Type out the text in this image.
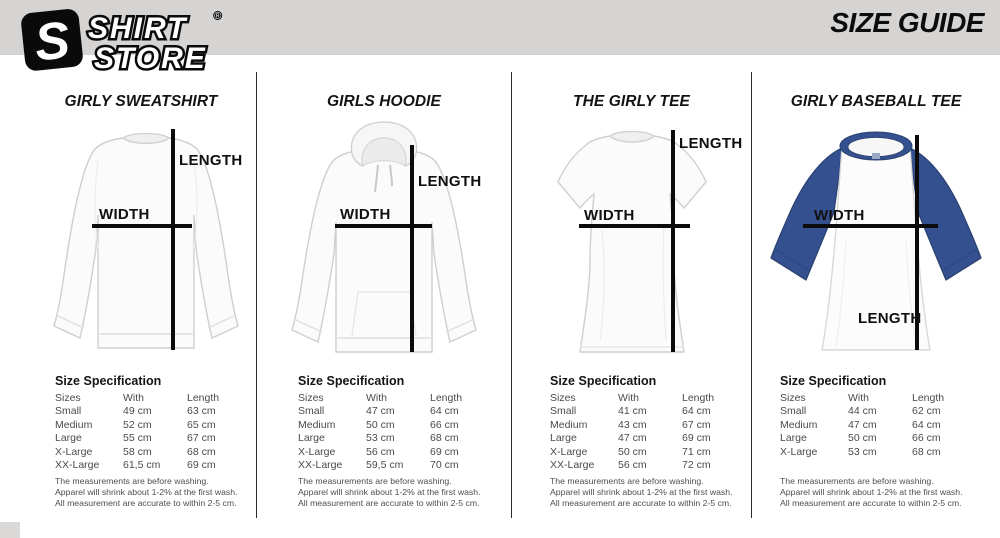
S SHIRT
STORE
®	SIZE GUIDE
GIRLY SWEATSHIRT
LENGTH
WIDTH
Size Specification
Sizes	With	Length
Small	49 cm	63 cm
Medium	52 cm	65 cm
Large	55 cm	67 cm
X-Large	58 cm	68 cm
XX-Large	61,5 cm	69 cm
The measurements are before washing.
Apparel will shrink about 1-2% at the first wash.
All measurement are accurate to within 2-5 cm.
GIRLS HOODIE
LENGTH
WIDTH
Size Specification
Sizes	With	Length
Small	47 cm	64 cm
Medium	50 cm	66 cm
Large	53 cm	68 cm
X-Large	56 cm	69 cm
XX-Large	59,5 cm	70 cm
The measurements are before washing.
Apparel will shrink about 1-2% at the first wash.
All measurement are accurate to within 2-5 cm.
THE GIRLY TEE
LENGTH
WIDTH
Size Specification
Sizes	With	Length
Small	41 cm	64 cm
Medium	43 cm	67 cm
Large	47 cm	69 cm
X-Large	50 cm	71 cm
XX-Large	56 cm	72 cm
The measurements are before washing.
Apparel will shrink about 1-2% at the first wash.
All measurement are accurate to within 2-5 cm.
GIRLY BASEBALL TEE
WIDTH
LENGTH
Size Specification
Sizes	With	Length
Small	44 cm	62 cm
Medium	47 cm	64 cm
Large	50 cm	66 cm
X-Large	53 cm	68 cm
The measurements are before washing.
Apparel will shrink about 1-2% at the first wash.
All measurement are accurate to within 2-5 cm.
